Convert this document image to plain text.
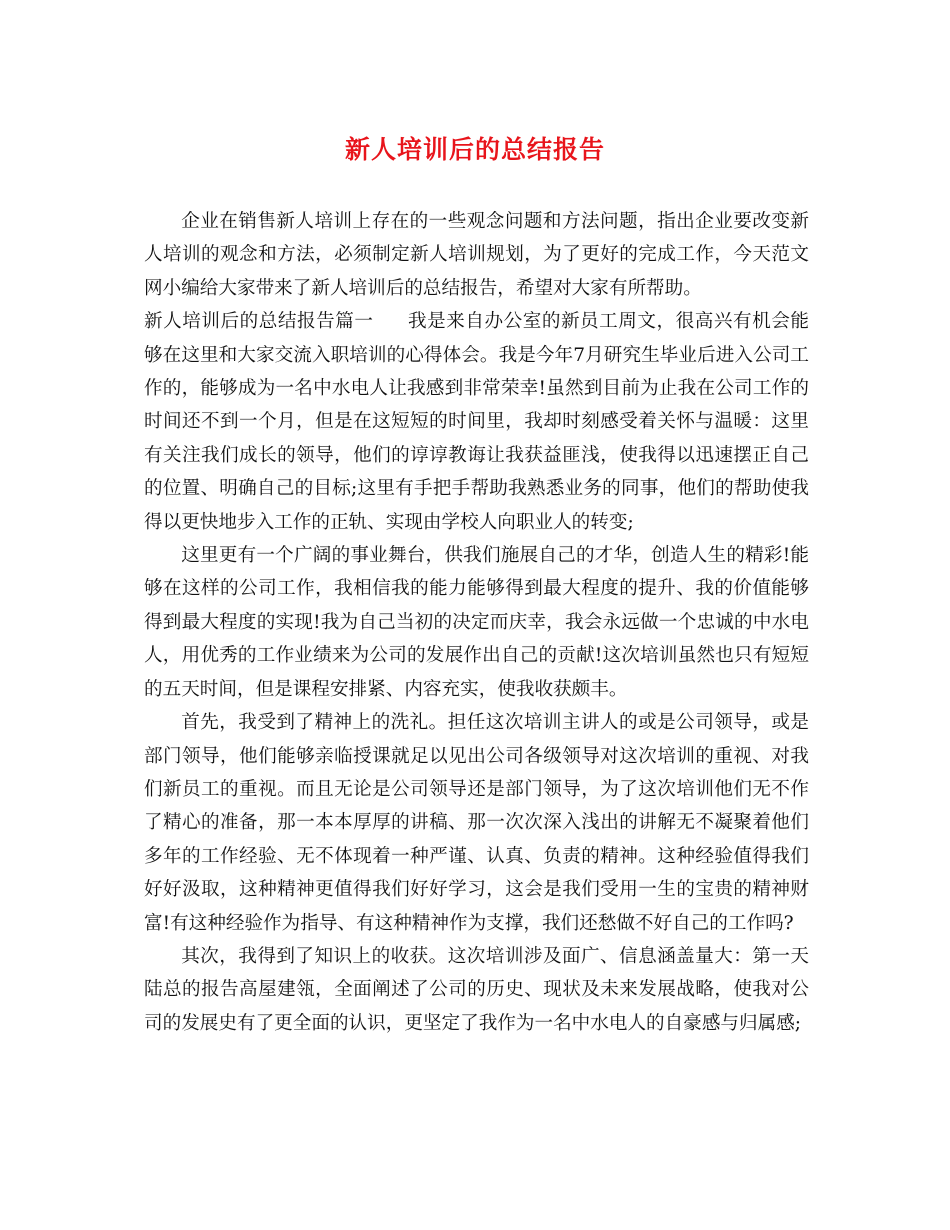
新人培训后的总结报告

企业在销售新人培训上存在的一些观念问题和方法问题，指出企业要改变新人培训的观念和方法，必须制定新人培训规划，为了更好的完成工作，今天范文网小编给大家带来了新人培训后的总结报告，希望对大家有所帮助。

新人培训后的总结报告篇一 我是来自办公室的新员工周文，很高兴有机会能够在这里和大家交流入职培训的心得体会。我是今年7月研究生毕业后进入公司工作的，能够成为一名中水电人让我感到非常荣幸!虽然到目前为止我在公司工作的时间还不到一个月，但是在这短短的时间里，我却时刻感受着关怀与温暖：这里有关注我们成长的领导，他们的谆谆教诲让我获益匪浅，使我得以迅速摆正自己的位置、明确自己的目标;这里有手把手帮助我熟悉业务的同事，他们的帮助使我得以更快地步入工作的正轨、实现由学校人向职业人的转变;

这里更有一个广阔的事业舞台，供我们施展自己的才华，创造人生的精彩!能够在这样的公司工作，我相信我的能力能够得到最大程度的提升、我的价值能够得到最大程度的实现!我为自己当初的决定而庆幸，我会永远做一个忠诚的中水电人，用优秀的工作业绩来为公司的发展作出自己的贡献!这次培训虽然也只有短短的五天时间，但是课程安排紧、内容充实，使我收获颇丰。

首先，我受到了精神上的洗礼。担任这次培训主讲人的或是公司领导，或是部门领导，他们能够亲临授课就足以见出公司各级领导对这次培训的重视、对我们新员工的重视。而且无论是公司领导还是部门领导，为了这次培训他们无不作了精心的准备，那一本本厚厚的讲稿、那一次次深入浅出的讲解无不凝聚着他们多年的工作经验、无不体现着一种严谨、认真、负责的精神。这种经验值得我们好好汲取，这种精神更值得我们好好学习，这会是我们受用一生的宝贵的精神财富!有这种经验作为指导、有这种精神作为支撑，我们还愁做不好自己的工作吗?

其次，我得到了知识上的收获。这次培训涉及面广、信息涵盖量大：第一天陆总的报告高屋建瓴，全面阐述了公司的历史、现状及未来发展战略，使我对公司的发展史有了更全面的认识，更坚定了我作为一名中水电人的自豪感与归属感;
